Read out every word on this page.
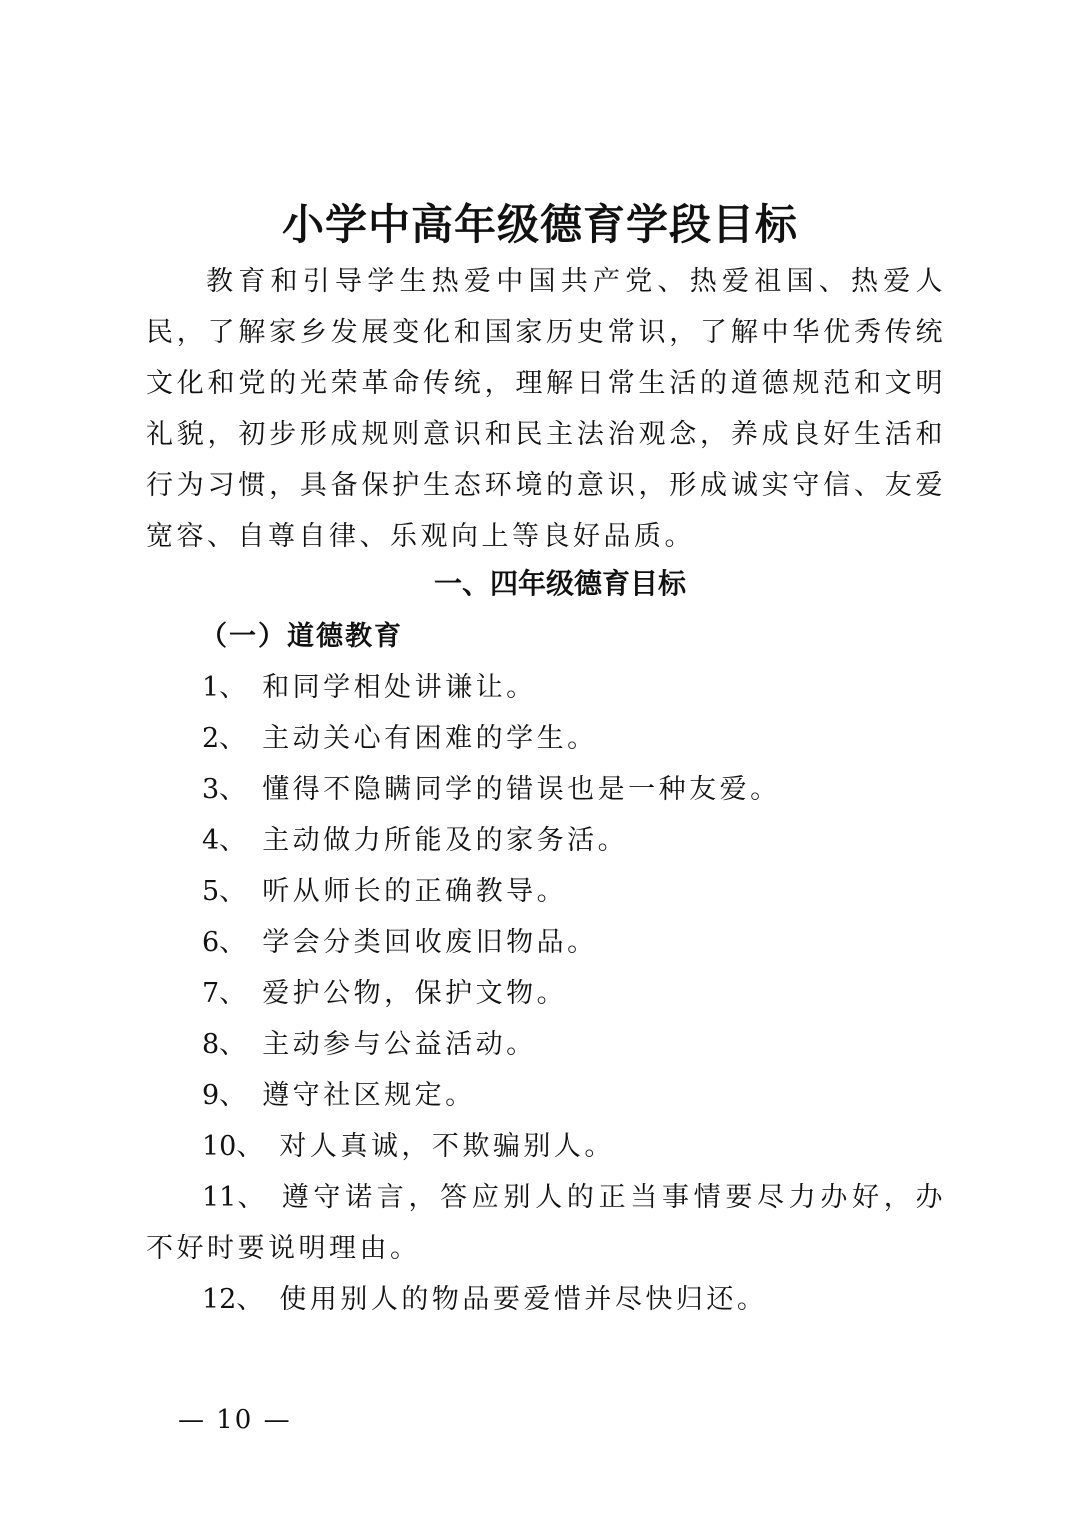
小学中高年级德育学段目标

教育和引导学生热爱中国共产党、热爱祖国、热爱人民，了解家乡发展变化和国家历史常识，了解中华优秀传统文化和党的光荣革命传统，理解日常生活的道德规范和文明礼貌，初步形成规则意识和民主法治观念，养成良好生活和行为习惯，具备保护生态环境的意识，形成诚实守信、友爱宽容、自尊自律、乐观向上等良好品质。

一、四年级德育目标
（一）道德教育
1、 和同学相处讲谦让。
2、 主动关心有困难的学生。
3、 懂得不隐瞒同学的错误也是一种友爱。
4、 主动做力所能及的家务活。
5、 听从师长的正确教导。
6、 学会分类回收废旧物品。
7、 爱护公物，保护文物。
8、 主动参与公益活动。
9、 遵守社区规定。
10、 对人真诚，不欺骗别人。
11、 遵守诺言，答应别人的正当事情要尽力办好，办不好时要说明理由。
12、 使用别人的物品要爱惜并尽快归还。

— 10 —
